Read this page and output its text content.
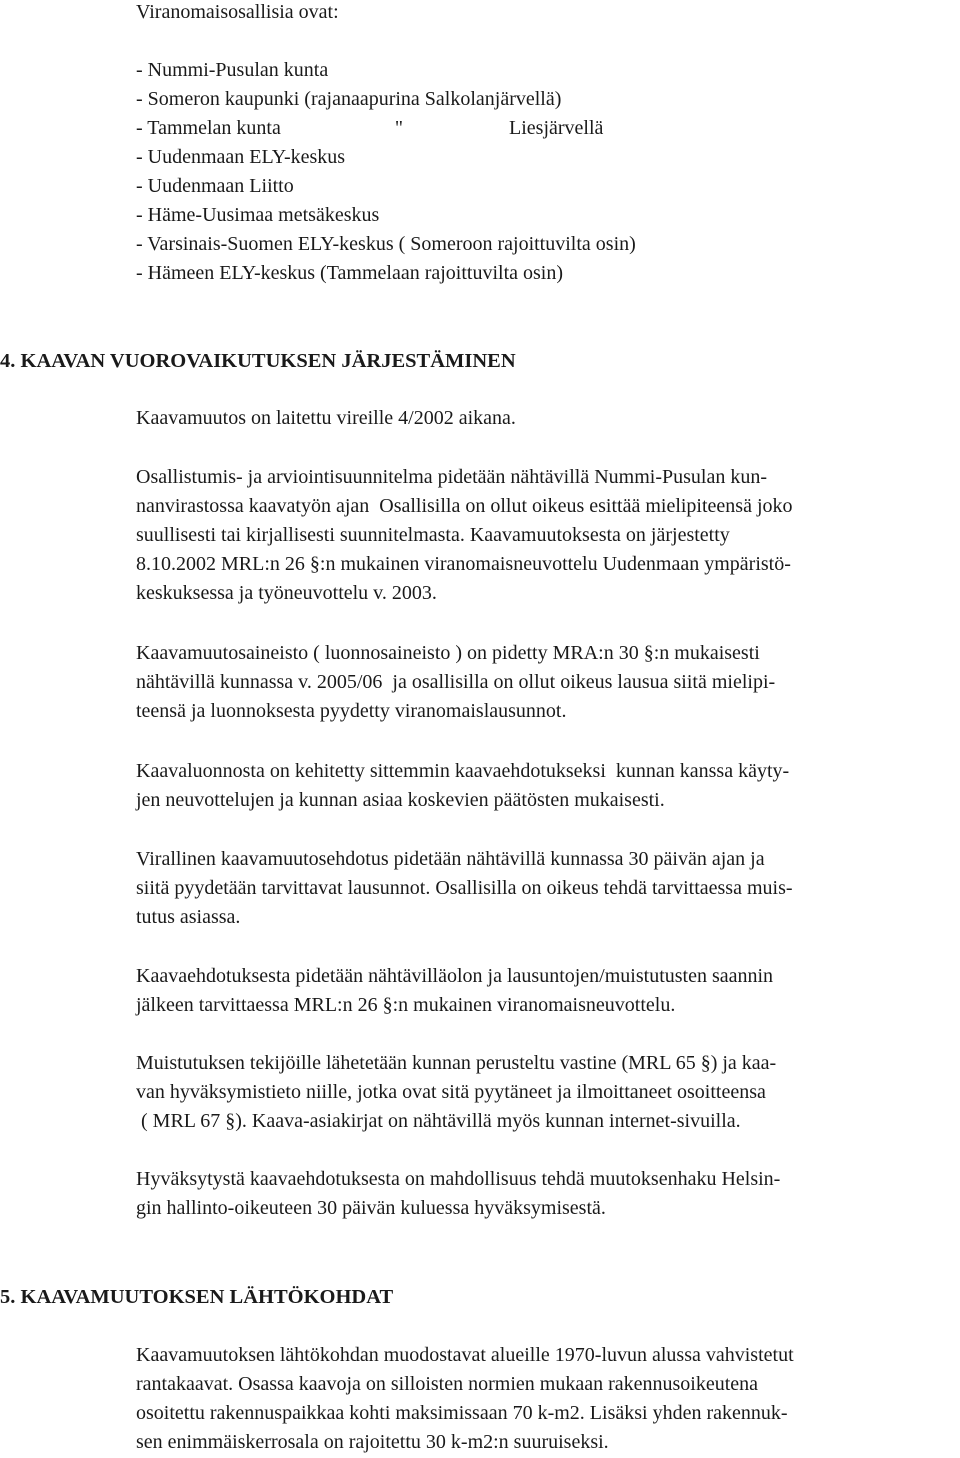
Viranomaisosallisia ovat:
- Nummi-Pusulan kunta
- Someron kaupunki (rajanaapurina Salkolanjärvellä)
- Tammelan kunta	"	Liesjärvellä
- Uudenmaan ELY-keskus
- Uudenmaan Liitto
- Häme-Uusimaa metsäkeskus
- Varsinais-Suomen ELY-keskus ( Someroon rajoittuvilta osin)
- Hämeen ELY-keskus (Tammelaan rajoittuvilta osin)
4. KAAVAN VUOROVAIKUTUKSEN JÄRJESTÄMINEN
Kaavamuutos on laitettu vireille 4/2002 aikana.
Osallistumis- ja arviointisuunnitelma pidetään nähtävillä Nummi-Pusulan kun-
nanvirastossa kaavatyön ajan  Osallisilla on ollut oikeus esittää mielipiteensä joko
suullisesti tai kirjallisesti suunnitelmasta. Kaavamuutoksesta on järjestetty
8.10.2002 MRL:n 26 §:n mukainen viranomaisneuvottelu Uudenmaan ympäristö-
keskuksessa ja työneuvottelu v. 2003.
Kaavamuutosaineisto ( luonnosaineisto ) on pidetty MRA:n 30 §:n mukaisesti
nähtävillä kunnassa v. 2005/06  ja osallisilla on ollut oikeus lausua siitä mielipi-
teensä ja luonnoksesta pyydetty viranomaislausunnot.
Kaavaluonnosta on kehitetty sittemmin kaavaehdotukseksi  kunnan kanssa käyty-
jen neuvottelujen ja kunnan asiaa koskevien päätösten mukaisesti.
Virallinen kaavamuutosehdotus pidetään nähtävillä kunnassa 30 päivän ajan ja
siitä pyydetään tarvittavat lausunnot. Osallisilla on oikeus tehdä tarvittaessa muis-
tutus asiassa.
Kaavaehdotuksesta pidetään nähtävilläolon ja lausuntojen/muistutusten saannin
jälkeen tarvittaessa MRL:n 26 §:n mukainen viranomaisneuvottelu.
Muistutuksen tekijöille lähetetään kunnan perusteltu vastine (MRL 65 §) ja kaa-
van hyväksymistieto niille, jotka ovat sitä pyytäneet ja ilmoittaneet osoitteensa
( MRL 67 §). Kaava-asiakirjat on nähtävillä myös kunnan internet-sivuilla.
Hyväksytystä kaavaehdotuksesta on mahdollisuus tehdä muutoksenhaku Helsin-
gin hallinto-oikeuteen 30 päivän kuluessa hyväksymisestä.
5. KAAVAMUUTOKSEN LÄHTÖKOHDAT
Kaavamuutoksen lähtökohdan muodostavat alueille 1970-luvun alussa vahvistetut
rantakaavat. Osassa kaavoja on silloisten normien mukaan rakennusoikeutena
osoitettu rakennuspaikkaa kohti maksimissaan 70 k-m2. Lisäksi yhden rakennuk-
sen enimmäiskerrosala on rajoitettu 30 k-m2:n suuruiseksi.
